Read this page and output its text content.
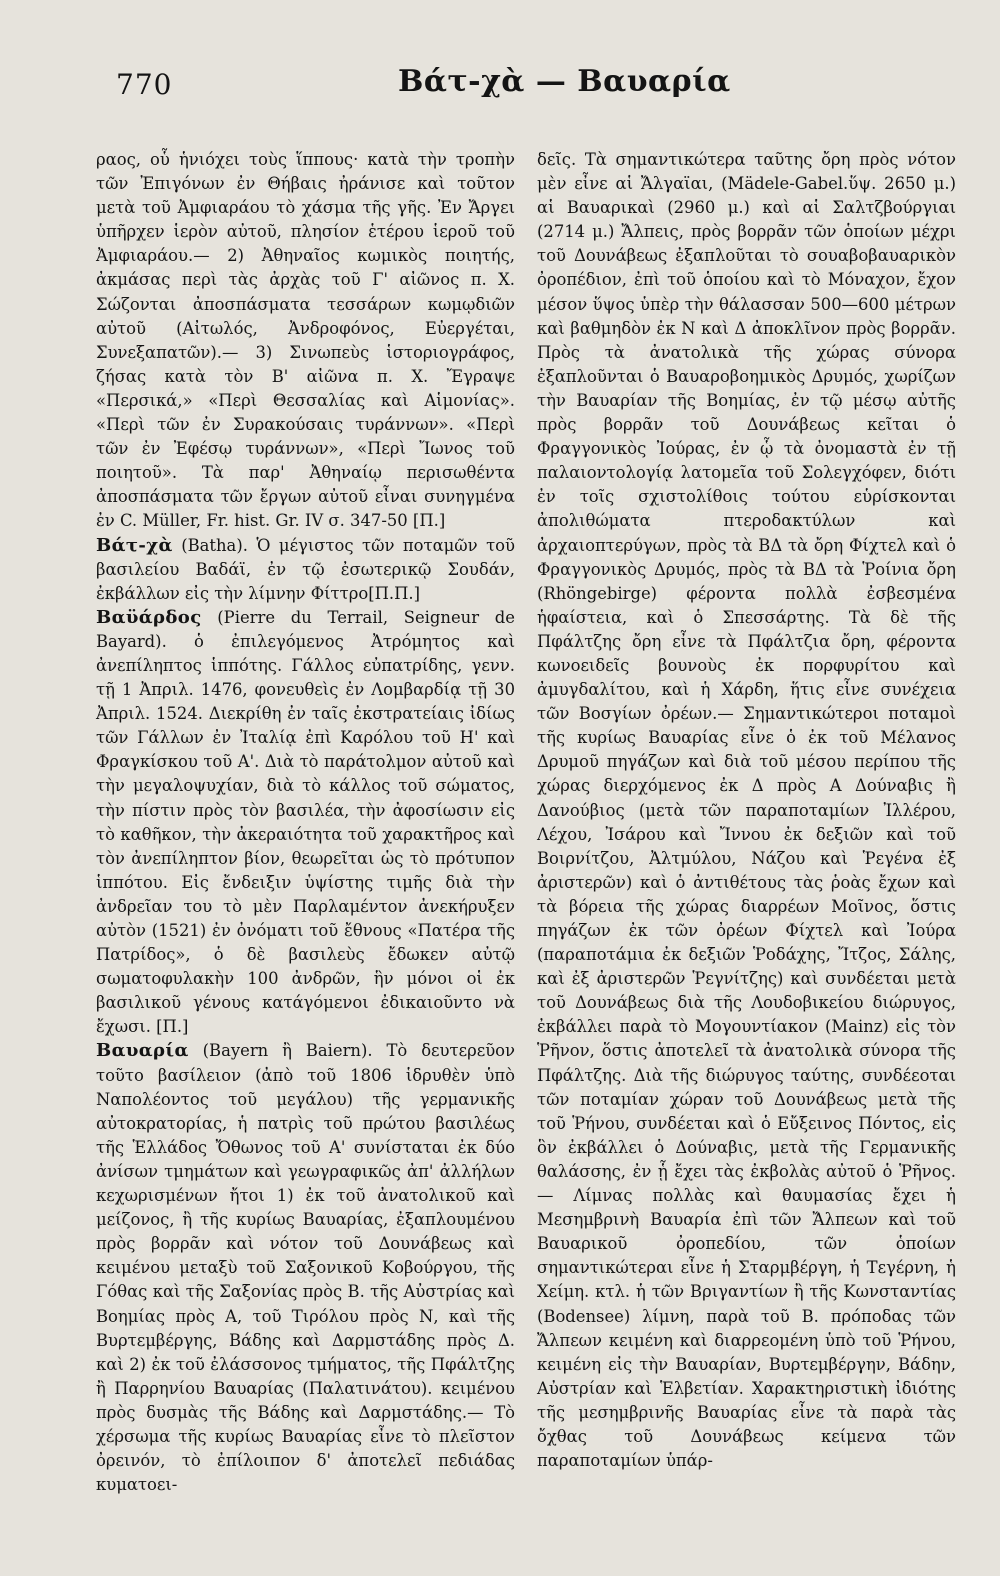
770	Βάτ-χὰ — Βαυαρία

ραος, οὗ ἡνιόχει τοὺς ἵππους· κατὰ τὴν τροπὴν τῶν Ἐπιγόνων ἐν Θήβαις ἠράνισε καὶ τοῦτον μετὰ τοῦ Ἀμφιαράου τὸ χάσμα τῆς γῆς. Ἐν Ἄργει ὑπῆρχεν ἱερὸν αὐτοῦ, πλησίον ἑτέρου ἱεροῦ τοῦ Ἀμφιαράου.— 2) Ἀθηναῖος κωμικὸς ποιητής, ἀκμάσας περὶ τὰς ἀρχὰς τοῦ Γ' αἰῶνος π. Χ. Σώζονται ἀποσπάσματα τεσσάρων κωμῳδιῶν αὐτοῦ (Αἰτωλός, Ἀνδροφόνος, Εὐεργέται, Συνεξαπατῶν).— 3) Σινωπεὺς ἱστοριογράφος, ζήσας κατὰ τὸν Β' αἰῶνα π. Χ. Ἔγραψε «Περσικά,» «Περὶ Θεσσαλίας καὶ Αἱμονίας». «Περὶ τῶν ἐν Συρακούσαις τυράννων». «Περὶ τῶν ἐν Ἐφέσῳ τυράννων», «Περὶ Ἴωνος τοῦ ποιητοῦ». Τὰ παρ' Ἀθηναίῳ περισωθέντα ἀποσπάσματα τῶν ἔργων αὐτοῦ εἶναι συνηγμένα ἐν C. Müller, Fr. hist. Gr. IV σ. 347-50 [Π.]

Βάτ-χὰ (Batha). Ὁ μέγιστος τῶν ποταμῶν τοῦ βασιλείου Βαδάϊ, ἐν τῷ ἐσωτερικῷ Σουδάν, ἐκβάλλων εἰς τὴν λίμνην Φίττρο[Π.Π.]

Βαϋάρδος (Pierre du Terrail, Seigneur de Bayard). ὁ ἐπιλεγόμενος Ἀτρόμητος καὶ ἀνεπίληπτος ἱππότης. Γάλλος εὐπατρίδης, γενν. τῇ 1 Ἀπριλ. 1476, φονευθεὶς ἐν Λομβαρδίᾳ τῇ 30 Ἀπριλ. 1524. Διεκρίθη ἐν ταῖς ἐκστρατείαις ἰδίως τῶν Γάλλων ἐν Ἰταλίᾳ ἐπὶ Καρόλου τοῦ Η' καὶ Φραγκίσκου τοῦ Α'. Διὰ τὸ παράτολμον αὐτοῦ καὶ τὴν μεγαλοψυχίαν, διὰ τὸ κάλλος τοῦ σώματος, τὴν πίστιν πρὸς τὸν βασιλέα, τὴν ἀφοσίωσιν εἰς τὸ καθῆκον, τὴν ἀκεραιότητα τοῦ χαρακτῆρος καὶ τὸν ἀνεπίληπτον βίον, θεωρεῖται ὡς τὸ πρότυπον ἱππότου. Εἰς ἔνδειξιν ὑψίστης τιμῆς διὰ τὴν ἀνδρεῖαν του τὸ μὲν Παρλαμέντον ἀνεκήρυξεν αὐτὸν (1521) ἐν ὀνόματι τοῦ ἔθνους «Πατέρα τῆς Πατρίδος», ὁ δὲ βασιλεὺς ἔδωκεν αὐτῷ σωματοφυλακὴν 100 ἀνδρῶν, ἣν μόνοι οἱ ἐκ βασιλικοῦ γένους κατάγόμενοι ἐδικαιοῦντο νὰ ἔχωσι. [Π.]

Βαυαρία (Bayern ἢ Baiern). Τὸ δευτερεῦον τοῦτο βασίλειον (ἀπὸ τοῦ 1806 ἱδρυθὲν ὑπὸ Ναπολέοντος τοῦ μεγάλου) τῆς γερμανικῆς αὐτοκρατορίας, ἡ πατρὶς τοῦ πρώτου βασιλέως τῆς Ἑλλάδος Ὄθωνος τοῦ Α' συνίσταται ἐκ δύο ἀνίσων τμημάτων καὶ γεωγραφικῶς ἀπ' ἀλλήλων κεχωρισμένων ἤτοι 1) ἐκ τοῦ ἀνατολικοῦ καὶ μείζονος, ἢ τῆς κυρίως Βαυαρίας, ἐξαπλουμένου πρὸς βορρᾶν καὶ νότον τοῦ Δουνάβεως καὶ κειμένου μεταξὺ τοῦ Σαξονικοῦ Κοβούργου, τῆς Γόθας καὶ τῆς Σαξονίας πρὸς Β. τῆς Αὐστρίας καὶ Βοημίας πρὸς Α, τοῦ Τιρόλου πρὸς Ν, καὶ τῆς Βυρτεμβέργης, Βάδης καὶ Δαρμστάδης πρὸς Δ. καὶ 2) ἐκ τοῦ ἐλάσσονος τμήματος, τῆς Πφάλτζης ἢ Παρρηνίου Βαυαρίας (Παλατινάτου). κειμένου πρὸς δυσμὰς τῆς Βάδης καὶ Δαρμστάδης.— Τὸ χέρσωμα τῆς κυρίως Βαυαρίας εἶνε τὸ πλεῖστον ὀρεινόν, τὸ ἐπίλοιπον δ' ἀποτελεῖ πεδιάδας κυματοει-

δεῖς. Τὰ σημαντικώτερα ταῦτης ὄρη πρὸς νότον μὲν εἶνε αἱ Ἄλγαϊαι, (Mädele-Gabel.ὕψ. 2650 μ.) αἱ Βαυαρικαὶ (2960 μ.) καὶ αἱ Σαλτζβούργιαι (2714 μ.) Ἄλπεις, πρὸς βορρᾶν τῶν ὁποίων μέχρι τοῦ Δουνάβεως ἐξαπλοῦται τὸ σουαβοβαυαρικὸν ὀροπέδιον, ἐπὶ τοῦ ὁποίου καὶ τὸ Μόναχον, ἔχον μέσον ὕψος ὑπὲρ τὴν θάλασσαν 500—600 μέτρων καὶ βαθμηδὸν ἐκ Ν καὶ Δ ἀποκλῖνον πρὸς βορρᾶν. Πρὸς τὰ ἀνατολικὰ τῆς χώρας σύνορα ἐξαπλοῦνται ὁ Βαυαροβοημικὸς Δρυμός, χωρίζων τὴν Βαυαρίαν τῆς Βοημίας, ἐν τῷ μέσῳ αὐτῆς πρὸς βορρᾶν τοῦ Δουνάβεως κεῖται ὁ Φραγγονικὸς Ἰούρας, ἐν ᾧ τὰ ὀνομαστὰ ἐν τῇ παλαιοντολογίᾳ λατομεῖα τοῦ Σολεγχόφεν, διότι ἐν τοῖς σχιστολίθοις τούτου εὑρίσκονται ἀπολιθώματα πτεροδακτύλων καὶ ἀρχαιοπτερύγων, πρὸς τὰ ΒΔ τὰ ὄρη Φίχτελ καὶ ὁ Φραγγονικὸς Δρυμός, πρὸς τὰ ΒΔ τὰ Ῥοίνια ὄρη (Rhöngebirge) φέροντα πολλὰ ἐσβεσμένα ἡφαίστεια, καὶ ὁ Σπεσσάρτης. Τὰ δὲ τῆς Πφάλτζης ὄρη εἶνε τὰ Πφάλτζια ὄρη, φέροντα κωνοειδεῖς βουνοὺς ἐκ πορφυρίτου καὶ ἀμυγδαλίτου, καὶ ἡ Χάρδη, ἥτις εἶνε συνέχεια τῶν Βοσγίων ὀρέων.— Σημαντικώτεροι ποταμοὶ τῆς κυρίως Βαυαρίας εἶνε ὁ ἐκ τοῦ Μέλανος Δρυμοῦ πηγάζων καὶ διὰ τοῦ μέσου περίπου τῆς χώρας διερχόμενος ἐκ Δ πρὸς Α Δούναβις ἢ Δανούβιος (μετὰ τῶν παραποταμίων Ἰλλέρου, Λέχου, Ἰσάρου καὶ Ἴννου ἐκ δεξιῶν καὶ τοῦ Βοιρνίτζου, Ἀλτμύλου, Νάζου καὶ Ῥεγένα ἐξ ἀριστερῶν) καὶ ὁ ἀντιθέτους τὰς ῥοὰς ἔχων καὶ τὰ βόρεια τῆς χώρας διαρρέων Μοῖνος, ὅστις πηγάζων ἐκ τῶν ὀρέων Φίχτελ καὶ Ἰούρα (παραποτάμια ἐκ δεξιῶν Ῥοδάχης, Ἴτζος, Σάλης, καὶ ἐξ ἀριστερῶν Ῥεγνίτζης) καὶ συνδέεται μετὰ τοῦ Δουνάβεως διὰ τῆς Λουδοβικείου διώρυγος, ἐκβάλλει παρὰ τὸ Μογουντίακον (Mainz) εἰς τὸν Ῥῆνον, ὅστις ἀποτελεῖ τὰ ἀνατολικὰ σύνορα τῆς Πφάλτζης. Διὰ τῆς διώρυγος ταύτης, συνδέεοται τῶν ποταμίαν χώραν τοῦ Δουνάβεως μετὰ τῆς τοῦ Ῥήνου, συνδέεται καὶ ὁ Εὔξεινος Πόντος, εἰς ὃν ἐκβάλλει ὁ Δούναβις, μετὰ τῆς Γερμανικῆς θαλάσσης, ἐν ᾗ ἔχει τὰς ἐκβολὰς αὐτοῦ ὁ Ῥῆνος.— Λίμνας πολλὰς καὶ θαυμασίας ἔχει ἡ Μεσημβρινὴ Βαυαρία ἐπὶ τῶν Ἄλπεων καὶ τοῦ Βαυαρικοῦ ὀροπεδίου, τῶν ὁποίων σημαντικώτεραι εἶνε ἡ Σταρμβέργη, ἡ Τεγέρνη, ἡ Χείμη. κτλ. ἡ τῶν Βριγαντίων ἢ τῆς Κωνσταντίας (Bodensee) λίμνη, παρὰ τοῦ Β. πρόποδας τῶν Ἄλπεων κειμένη καὶ διαρρεομένη ὑπὸ τοῦ Ῥήνου, κειμένη εἰς τὴν Βαυαρίαν, Βυρτεμβέργην, Βάδην, Αὐστρίαν καὶ Ἑλβετίαν. Χαρακτηριστικὴ ἰδιότης τῆς μεσημβρινῆς Βαυαρίας εἶνε τὰ παρὰ τὰς ὄχθας τοῦ Δουνάβεως κείμενα τῶν παραποταμίων ὑπάρ-
